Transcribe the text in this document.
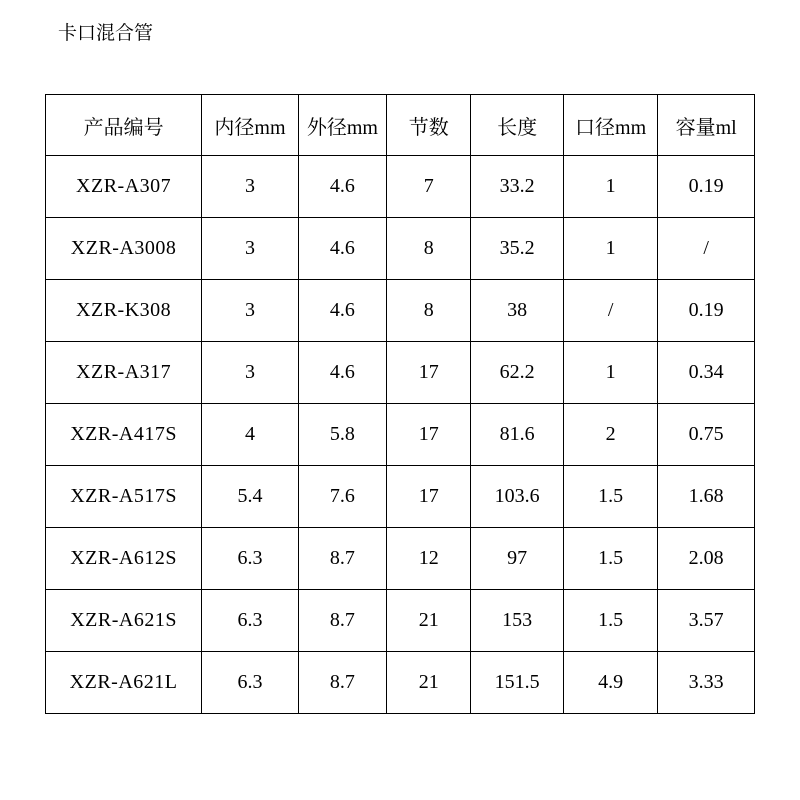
卡口混合管
产品编号	内径mm	外径mm	节数	长度	口径mm	容量ml
XZR-A307	3	4.6	7	33.2	1	0.19
XZR-A3008	3	4.6	8	35.2	1	/
XZR-K308	3	4.6	8	38	/	0.19
XZR-A317	3	4.6	17	62.2	1	0.34
XZR-A417S	4	5.8	17	81.6	2	0.75
XZR-A517S	5.4	7.6	17	103.6	1.5	1.68
XZR-A612S	6.3	8.7	12	97	1.5	2.08
XZR-A621S	6.3	8.7	21	153	1.5	3.57
XZR-A621L	6.3	8.7	21	151.5	4.9	3.33
